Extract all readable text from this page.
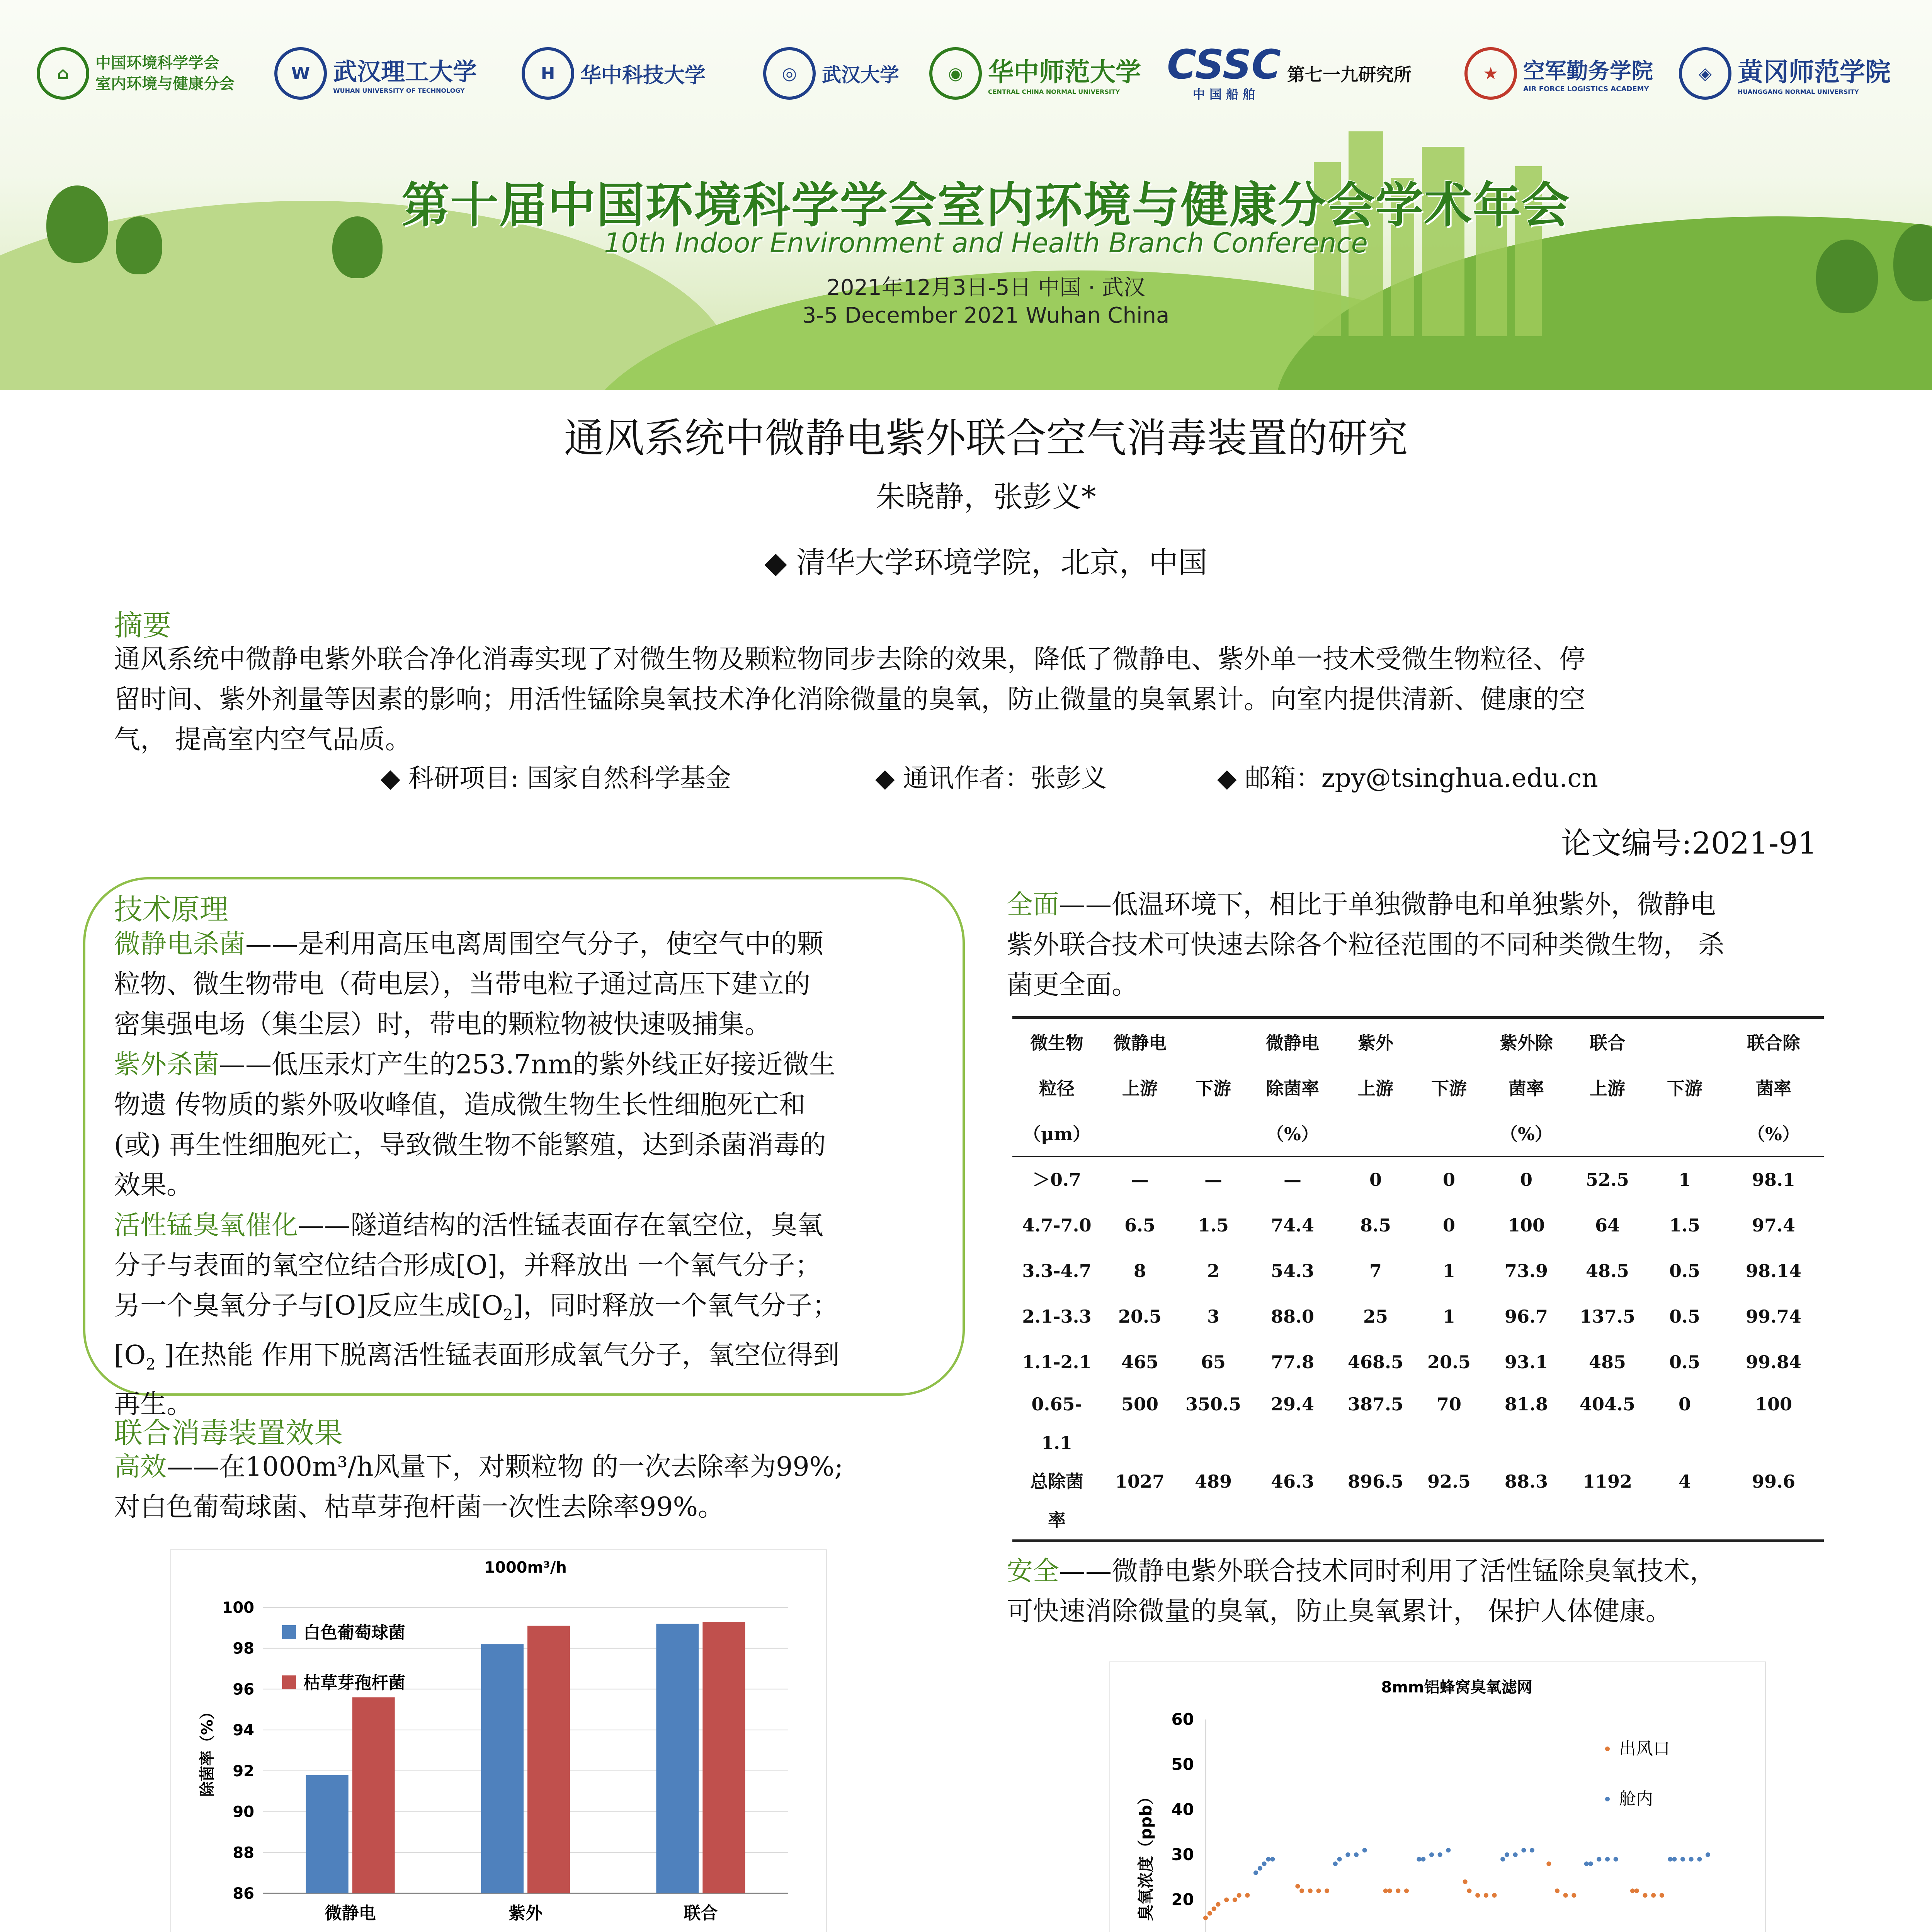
⌂
中国环境科学学会
室内环境与健康分会
W 武汉理工大学
WUHAN UNIVERSITY OF TECHNOLOGY
H	华中科技大学	◎	武汉大学	◉ 华中师范大学
CENTRAL CHINA NORMAL UNIVERSITY
CSSC
中 国 船 舶
第七一九研究所	★	空军勤务学院
AIR FORCE LOGISTICS ACADEMY
◈	黄冈师范学院
HUANGGANG NORMAL UNIVERSITY
第十届中国环境科学学会室内环境与健康分会学术年会
10th Indoor Environment and Health Branch Conference
2021年12月3日-5日 中国 · 武汉
3-5 December 2021 Wuhan China
通风系统中微静电紫外联合空气消毒装置的研究
朱晓静，张彭义*
◆ 清华大学环境学院，北京，中国
摘要
通风系统中微静电紫外联合净化消毒实现了对微生物及颗粒物同步去除的效果，降低了微静电、紫外单一技术受微生物粒径、停
留时间、紫外剂量等因素的影响；用活性锰除臭氧技术净化消除微量的臭氧，防止微量的臭氧累计。向室内提供清新、健康的空
气， 提高室内空气品质。
◆ 科研项目: 国家自然科学基金	◆ 通讯作者：张彭义	◆ 邮箱：zpy@tsinghua.edu.cn
论文编号:2021-91
技术原理
微静电杀菌——是利用高压电离周围空气分子，使空气中的颗
粒物、微生物带电（荷电层），当带电粒子通过高压下建立的
密集强电场（集尘层）时，带电的颗粒物被快速吸捕集。
紫外杀菌——低压汞灯产生的253.7nm的紫外线正好接近微生
物遗 传物质的紫外吸收峰值，造成微生物生长性细胞死亡和
(或) 再生性细胞死亡，导致微生物不能繁殖，达到杀菌消毒的
效果。
活性锰臭氧催化——隧道结构的活性锰表面存在氧空位，臭氧
分子与表面的氧空位结合形成[O]，并释放出 一个氧气分子；
另一个臭氧分子与[O]反应生成$[O_2]$，同时释放一个氧气分子；
[$O_2$ ]在热能 作用下脱离活性锰表面形成氧气分子，氧空位得到
再生。
联合消毒装置效果
高效——在1000m³/h风量下，对颗粒物 的一次去除率为99%;
对白色葡萄球菌、枯草芽孢杆菌一次性去除率99%。
1000m³/h
86
88
90
92
94
96
98
100
除菌率（%）
微静电	紫外	联合
白色葡萄球菌
枯草芽孢杆菌
全面——低温环境下，相比于单独微静电和单独紫外，微静电
紫外联合技术可快速去除各个粒径范围的不同种类微生物， 杀
菌更全面。
微生物	微静电		微静电	紫外		紫外除	联合		联合除
粒径	上游	下游	除菌率	上游	下游	菌率	上游	下游	菌率
（μm）			（%）			（%）			（%）
＞0.7	—	—	—	0	0	0	52.5	1	98.1
4.7-7.0	6.5	1.5	74.4	8.5	0	100	64	1.5	97.4
3.3-4.7	8	2	54.3	7	1	73.9	48.5	0.5	98.14
2.1-3.3	20.5	3	88.0	25	1	96.7	137.5	0.5	99.74
1.1-2.1	465	65	77.8	468.5	20.5	93.1	485	0.5	99.84
0.65-
1.1	500	350.5	29.4	387.5	70	81.8	404.5	0	100
总除菌
率	1027	489	46.3	896.5	92.5	88.3	1192	4	99.6
安全——微静电紫外联合技术同时利用了活性锰除臭氧技术，
可快速消除微量的臭氧，防止臭氧累计， 保护人体健康。
8mm铝蜂窝臭氧滤网
20
30
40
50
60
臭氧浓度（ppb）
出风口
舱内
